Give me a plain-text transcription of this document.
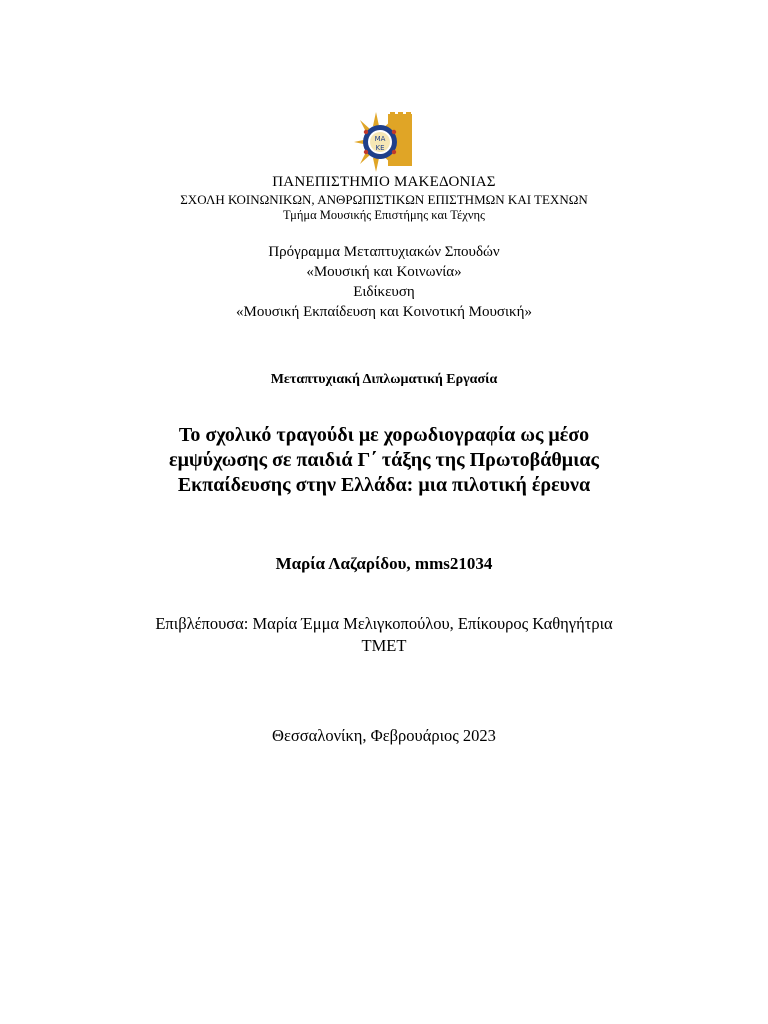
ΜΑ
ΚΕ
ΠΑΝΕΠΙΣΤΗΜΙΟ ΜΑΚΕΔΟΝΙΑΣ
ΣΧΟΛΗ ΚΟΙΝΩΝΙΚΩΝ, ΑΝΘΡΩΠΙΣΤΙΚΩΝ ΕΠΙΣΤΗΜΩΝ ΚΑΙ ΤΕΧΝΩΝ
Τμήμα Μουσικής Επιστήμης και Τέχνης
Πρόγραμμα Μεταπτυχιακών Σπουδών
«Μουσική και Κοινωνία»
Ειδίκευση
«Μουσική Εκπαίδευση και Κοινοτική Μουσική»
Μεταπτυχιακή Διπλωματική Εργασία
Το σχολικό τραγούδι με χορωδιογραφία ως μέσο
εμψύχωσης σε παιδιά Γ΄ τάξης της Πρωτοβάθμιας
Εκπαίδευσης στην Ελλάδα: μια πιλοτική έρευνα
Μαρία Λαζαρίδου, mms21034
Επιβλέπουσα: Μαρία Έμμα Μελιγκοπούλου, Επίκουρος Καθηγήτρια
ΤΜΕΤ
Θεσσαλονίκη, Φεβρουάριος 2023
